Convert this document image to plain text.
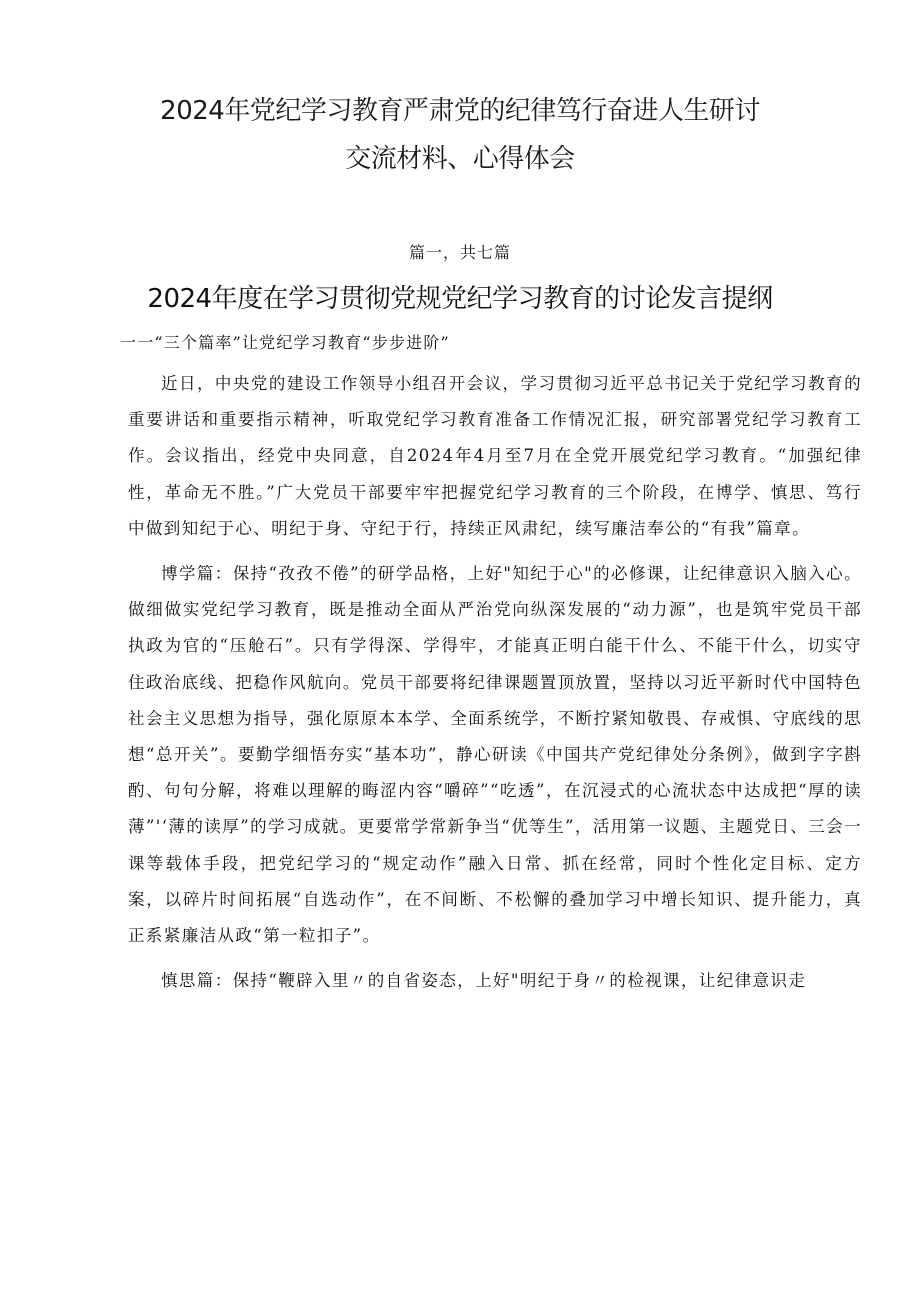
2024年党纪学习教育严肃党的纪律笃行奋进人生研讨
交流材料、心得体会
篇一，共七篇
2024年度在学习贯彻党规党纪学习教育的讨论发言提纲
一一“三个篇率”让党纪学习教育“步步进阶”

近日，中央党的建设工作领导小组召开会议，学习贯彻习近平总书记关于党纪学习教育的重要讲话和重要指示精神，听取党纪学习教育准备工作情况汇报，研究部署党纪学习教育工作。会议指出，经党中央同意，自2024年4月至7月在全党开展党纪学习教育。“加强纪律性，革命无不胜。”广大党员干部要牢牢把握党纪学习教育的三个阶段，在博学、慎思、笃行中做到知纪于心、明纪于身、守纪于行，持续正风肃纪，续写廉洁奉公的“有我”篇章。

博学篇：保持“孜孜不倦”的研学品格，上好"知纪于心"的必修课，让纪律意识入脑入心。做细做实党纪学习教育，既是推动全面从严治党向纵深发展的“动力源”，也是筑牢党员干部执政为官的“压舱石”。只有学得深、学得牢，才能真正明白能干什么、不能干什么，切实守住政治底线、把稳作风航向。党员干部要将纪律课题置顶放置，坚持以习近平新时代中国特色社会主义思想为指导，强化原原本本学、全面系统学，不断拧紧知敬畏、存戒惧、守底线的思想“总开关”。要勤学细悟夯实“基本功”，静心研读《中国共产党纪律处分条例》，做到字字斟酌、句句分解，将难以理解的晦涩内容“嚼碎”“吃透”，在沉浸式的心流状态中达成把“厚的读薄”'‘薄的读厚”的学习成就。更要常学常新争当“优等生”，活用第一议题、主题党日、三会一课等载体手段，把党纪学习的“规定动作”融入日常、抓在经常，同时个性化定目标、定方案，以碎片时间拓展“自选动作”，在不间断、不松懈的叠加学习中增长知识、提升能力，真正系紧廉洁从政“第一粒扣子”。

慎思篇：保持“鞭辟入里〃的自省姿态，上好"明纪于身〃的检视课，让纪律意识走
